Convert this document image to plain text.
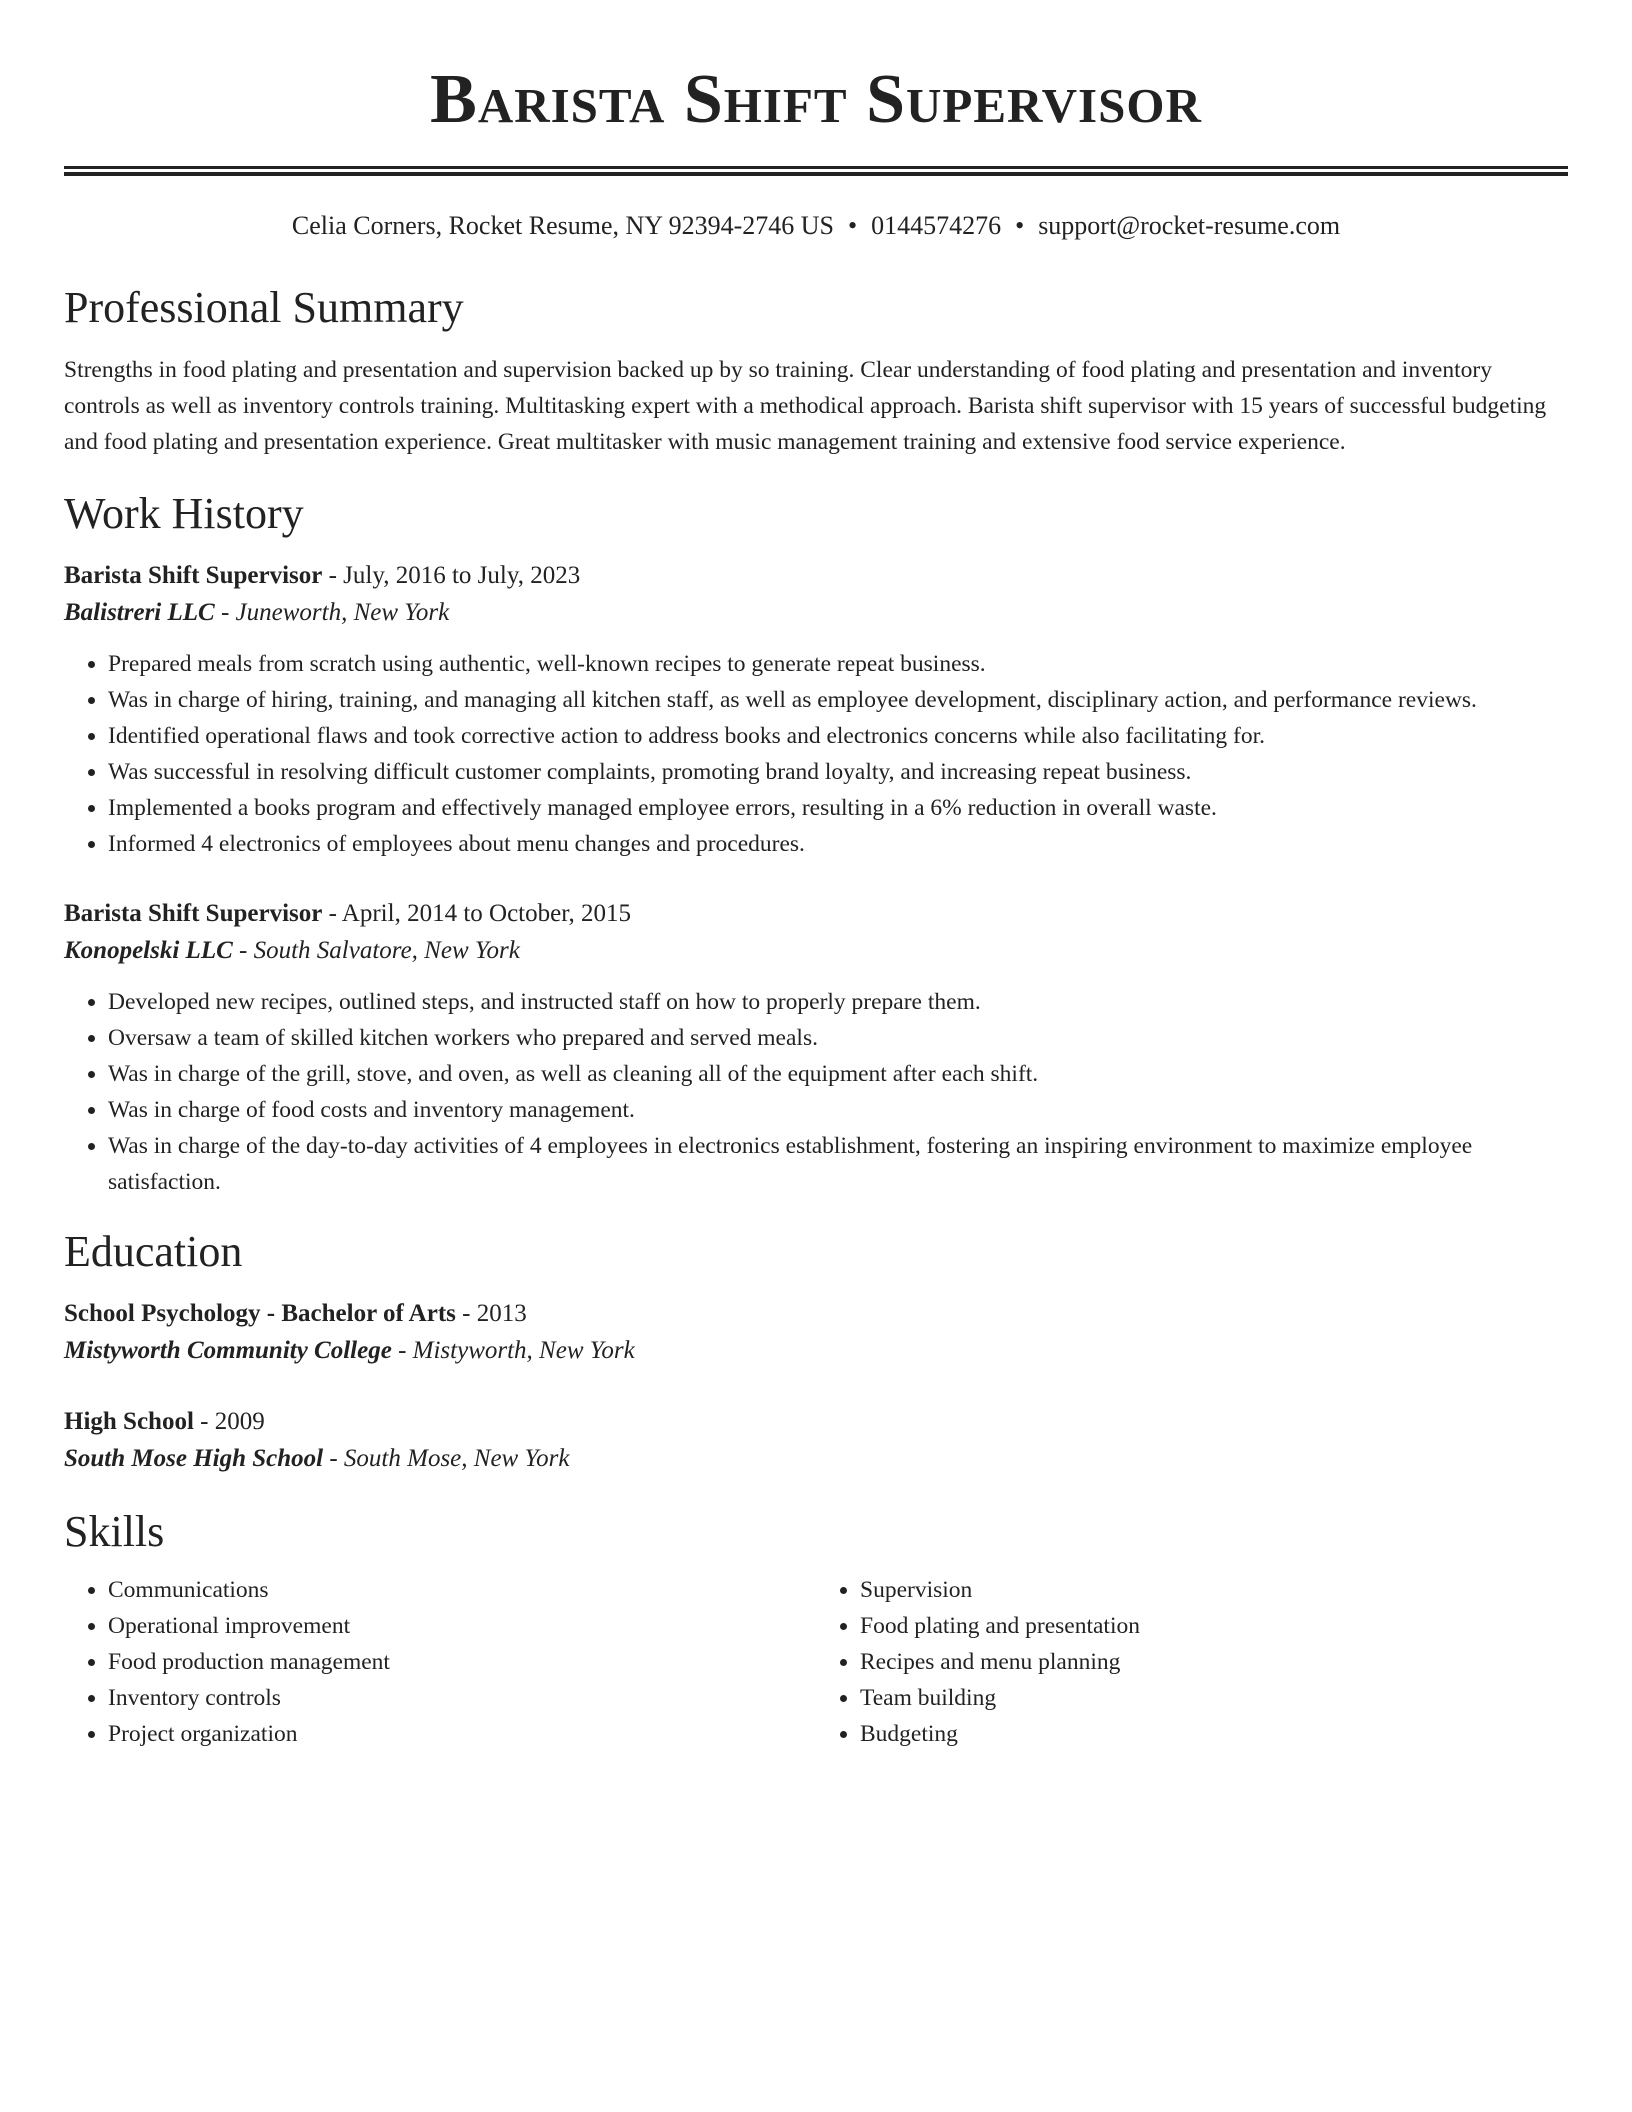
Barista Shift Supervisor
Celia Corners, Rocket Resume, NY 92394-2746 US • 0144574276 • support@rocket-resume.com
Professional Summary

Strengths in food plating and presentation and supervision backed up by so training. Clear understanding of food plating and presentation and inventory controls as well as inventory controls training. Multitasking expert with a methodical approach. Barista shift supervisor with 15 years of successful budgeting and food plating and presentation experience. Great multitasker with music management training and extensive food service experience.

Work History
Barista Shift Supervisor - July, 2016 to July, 2023
Balistreri LLC - Juneworth, New York
• Prepared meals from scratch using authentic, well-known recipes to generate repeat business.
• Was in charge of hiring, training, and managing all kitchen staff, as well as employee development, disciplinary action, and performance reviews.
• Identified operational flaws and took corrective action to address books and electronics concerns while also facilitating for.
• Was successful in resolving difficult customer complaints, promoting brand loyalty, and increasing repeat business.
• Implemented a books program and effectively managed employee errors, resulting in a 6% reduction in overall waste.
• Informed 4 electronics of employees about menu changes and procedures.
Barista Shift Supervisor - April, 2014 to October, 2015
Konopelski LLC - South Salvatore, New York
• Developed new recipes, outlined steps, and instructed staff on how to properly prepare them.
• Oversaw a team of skilled kitchen workers who prepared and served meals.
• Was in charge of the grill, stove, and oven, as well as cleaning all of the equipment after each shift.
• Was in charge of food costs and inventory management.
• Was in charge of the day-to-day activities of 4 employees in electronics establishment, fostering an inspiring environment to maximize employee satisfaction.
Education
School Psychology - Bachelor of Arts - 2013
Mistyworth Community College - Mistyworth, New York
High School - 2009
South Mose High School - South Mose, New York
Skills
• Communications
• Operational improvement
• Food production management
• Inventory controls
• Project organization
• Supervision
• Food plating and presentation
• Recipes and menu planning
• Team building
• Budgeting
